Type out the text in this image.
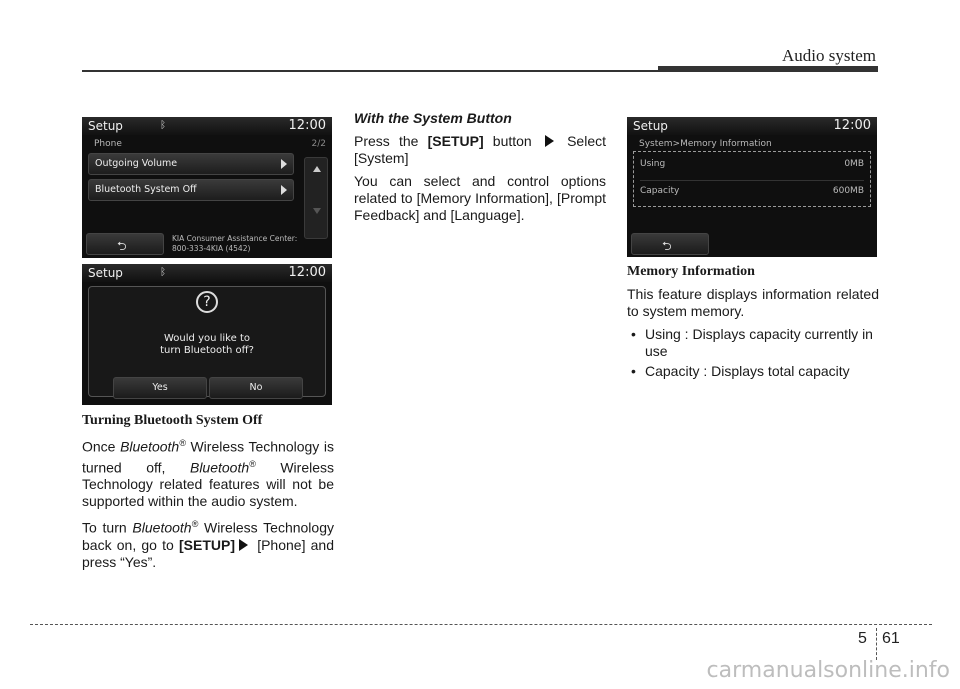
Audio system
Setup	ᛒ	12:00
Phone	2/2
Outgoing Volume
Bluetooth System Off
⮌
KIA Consumer Assistance Center:
800-333-4KIA (4542)
Setup	ᛒ	12:00
?
Would you like to
turn Bluetooth off?
Yes	No
Setup	12:00
System>Memory Information
Using	0MB
Capacity	600MB
⮌
Turning Bluetooth System Off

Once Bluetooth® Wireless Technology is turned off, Bluetooth® Wireless Technology related features will not be supported within the audio system.

To turn Bluetooth® Wireless Technology back on, go to [SETUP] [Phone] and press “Yes”.

With the System Button

Press the [SETUP] button  Select [System]

You can select and control options related to [Memory Information], [Prompt Feedback] and [Language].

Memory Information

This feature displays information related to system memory.

• Using : Displays capacity currently in use
• Capacity : Displays total capacity
5 61
carmanualsonline.info
